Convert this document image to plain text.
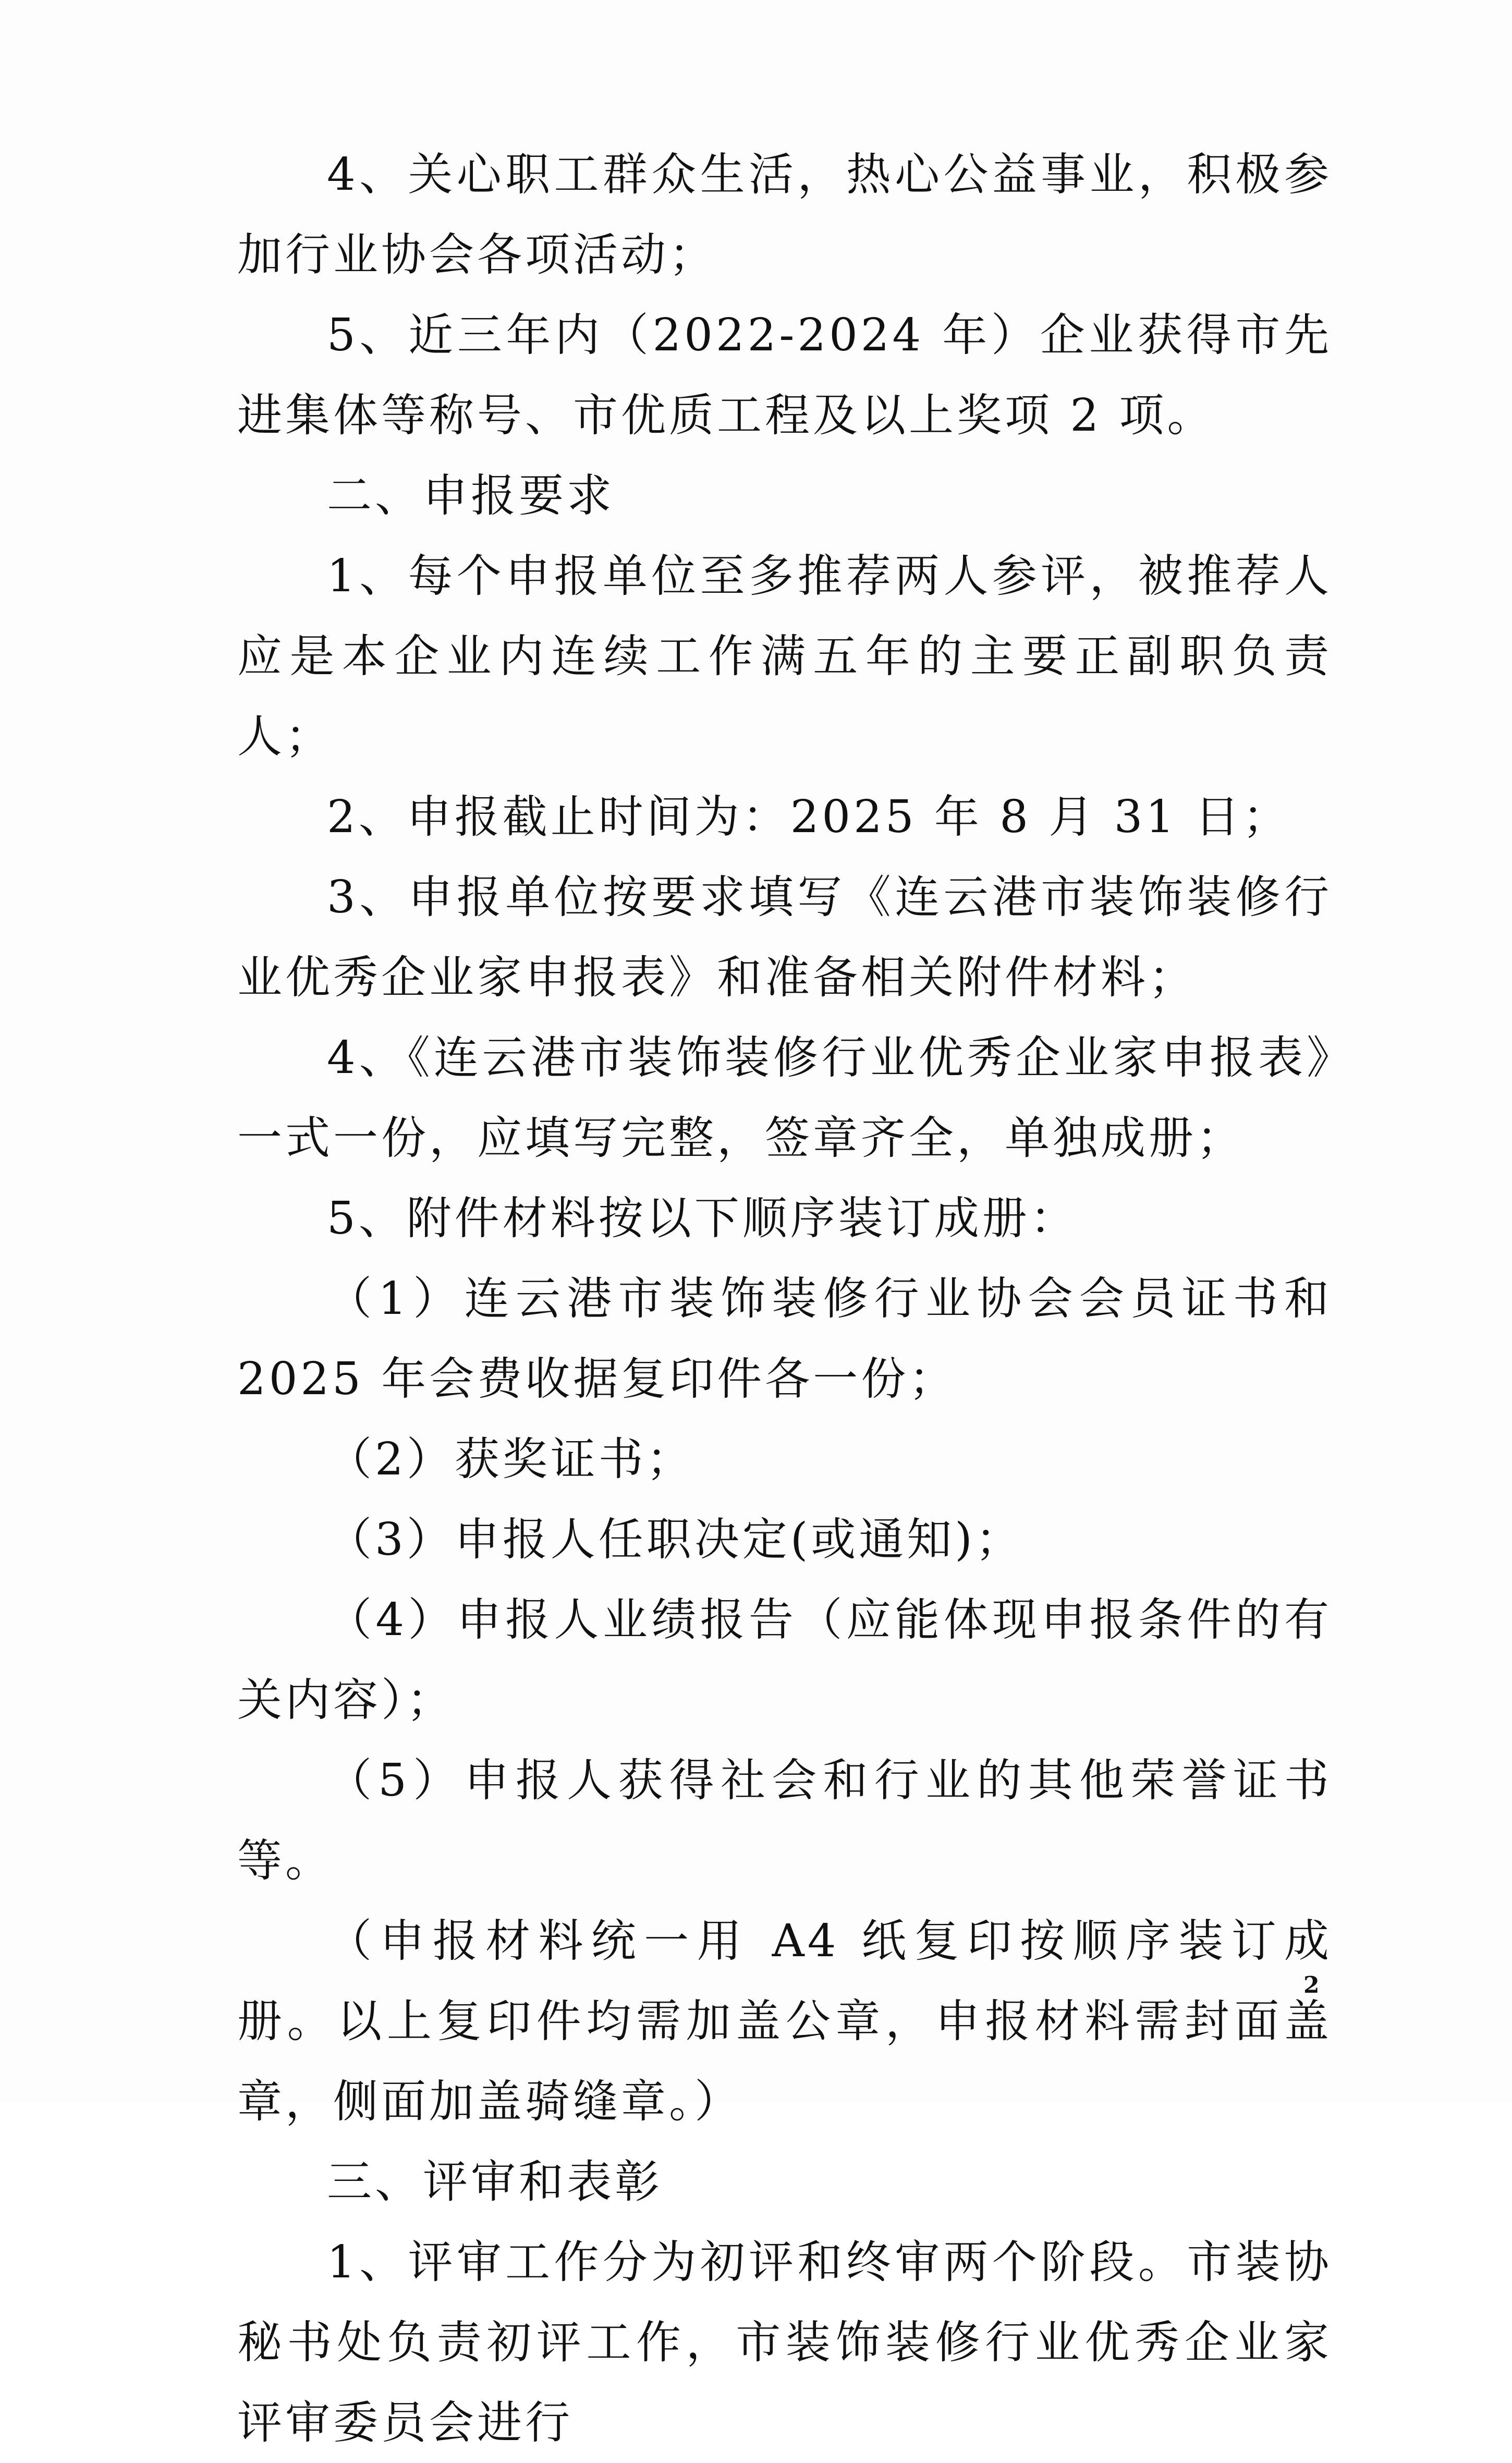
4、关心职工群众生活，热心公益事业，积极参加行业协会各项活动；

5、近三年内（2022-2024 年）企业获得市先进集体等称号、市优质工程及以上奖项 2 项。

二、申报要求

1、每个申报单位至多推荐两人参评，被推荐人应是本企业内连续工作满五年的主要正副职负责人；

2、申报截止时间为：2025 年 8 月 31 日；

3、申报单位按要求填写《连云港市装饰装修行业优秀企业家申报表》和准备相关附件材料；

4、《连云港市装饰装修行业优秀企业家申报表》一式一份，应填写完整，签章齐全，单独成册；

5、附件材料按以下顺序装订成册：

（1）连云港市装饰装修行业协会会员证书和 2025 年会费收据复印件各一份；

（2）获奖证书；

（3）申报人任职决定(或通知)；

（4）申报人业绩报告（应能体现申报条件的有关内容）；

（5）申报人获得社会和行业的其他荣誉证书等。

（申报材料统一用 A4 纸复印按顺序装订成册。以上复印件均需加盖公章，申报材料需封面盖章，侧面加盖骑缝章。）

三、评审和表彰

1、评审工作分为初评和终审两个阶段。市装协秘书处负责初评工作，市装饰装修行业优秀企业家评审委员会进行

2
